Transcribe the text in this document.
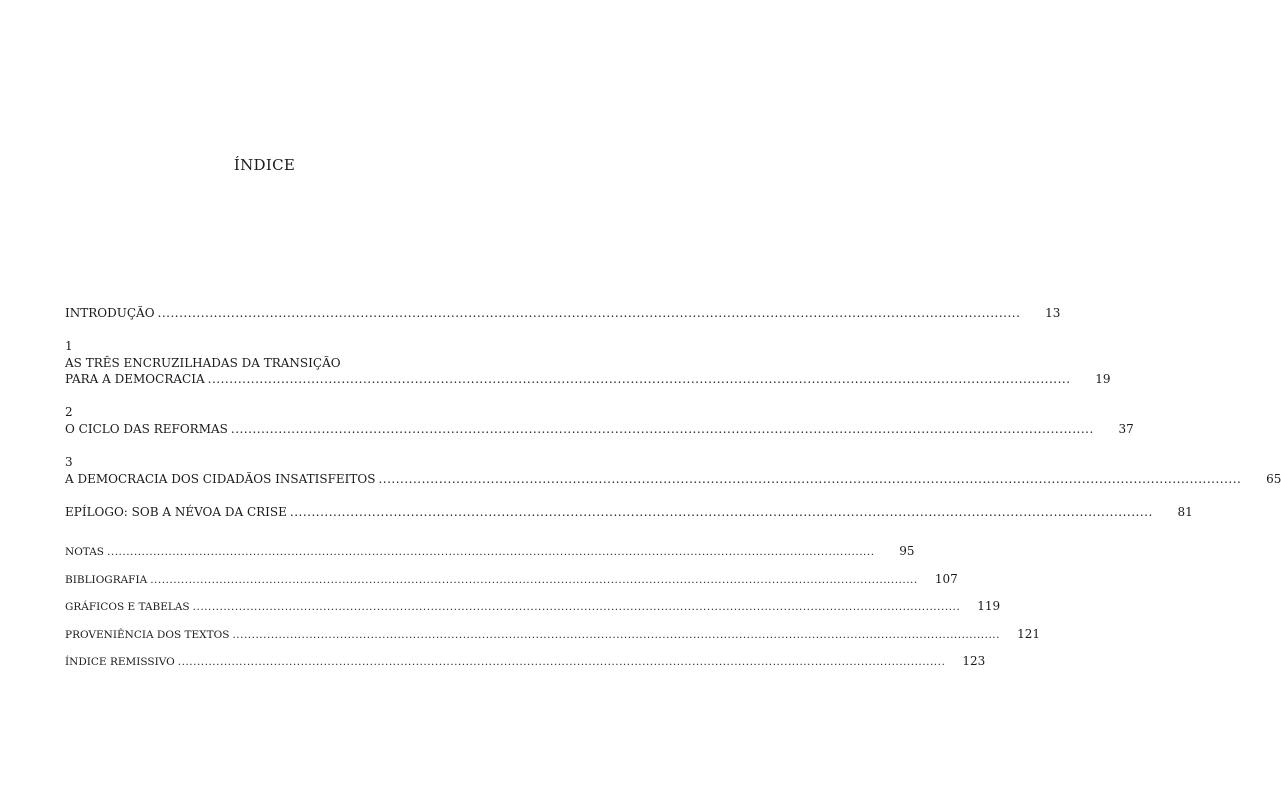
ÍNDICE
INTRODUÇÃO ........................................................................................................................................................................................................	13
1
AS TRÊS ENCRUZILHADAS DA TRANSIÇÃO
PARA A DEMOCRACIA ........................................................................................................................................................................................................	19
2
O CICLO DAS REFORMAS ........................................................................................................................................................................................................	37
3
A DEMOCRACIA DOS CIDADÃOS INSATISFEITOS ........................................................................................................................................................................................................	65
EPÍLOGO: SOB A NÉVOA DA CRISE ........................................................................................................................................................................................................	81
NOTAS ........................................................................................................................................................................................................	95
BIBLIOGRAFIA ........................................................................................................................................................................................................	107
GRÁFICOS E TABELAS ........................................................................................................................................................................................................	119
PROVENIÊNCIA DOS TEXTOS ........................................................................................................................................................................................................	121
ÍNDICE REMISSIVO ........................................................................................................................................................................................................	123
